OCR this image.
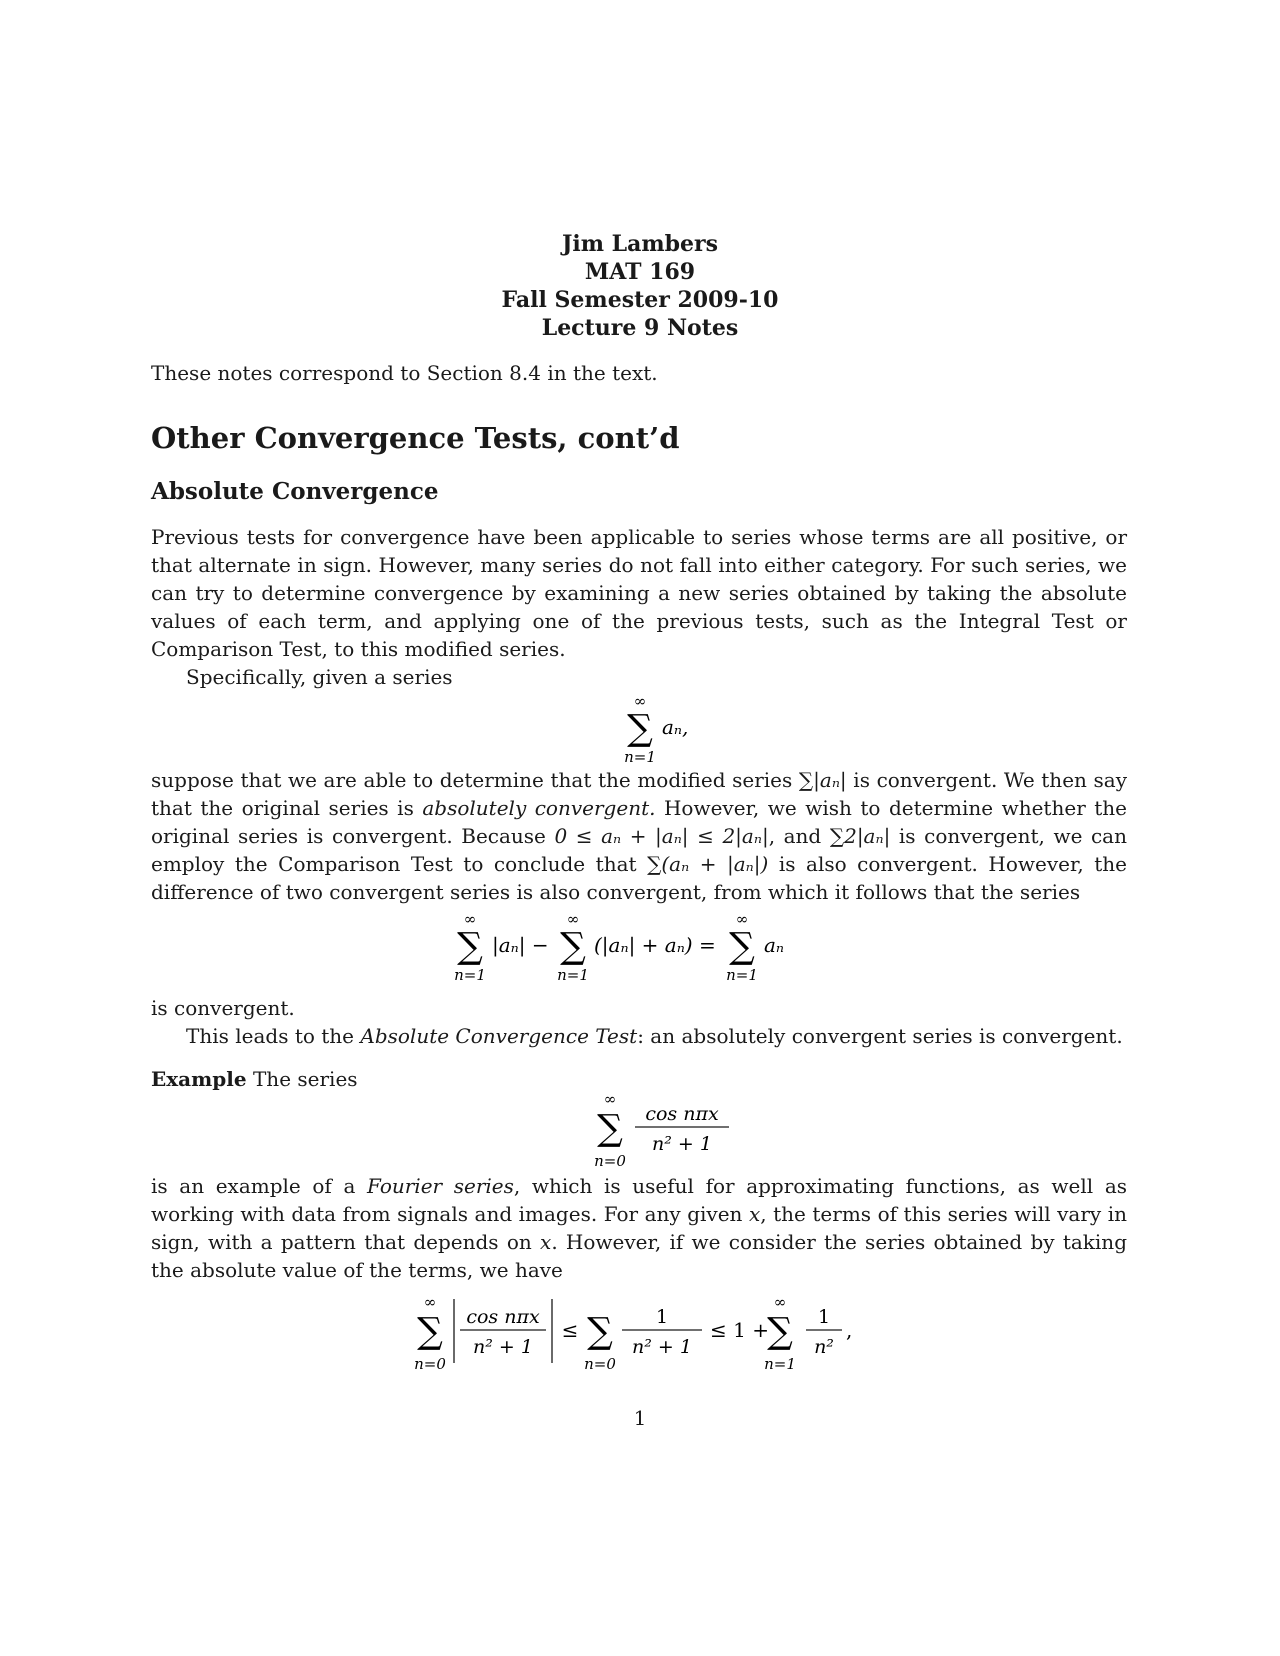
Jim Lambers
MAT 169
Fall Semester 2009-10
Lecture 9 Notes
These notes correspond to Section 8.4 in the text.
Other Convergence Tests, cont’d
Absolute Convergence
Previous tests for convergence have been applicable to series whose terms are all positive, or that alternate in sign. However, many series do not fall into either category. For such series, we can try to determine convergence by examining a new series obtained by taking the absolute values of each term, and applying one of the previous tests, such as the Integral Test or Comparison Test, to this modified series.
Specifically, given a series
∞
∑
n=1
aₙ,
suppose that we are able to determine that the modified series ∑|aₙ| is convergent. We then say that the original series is absolutely convergent. However, we wish to determine whether the original series is convergent. Because 0 ≤ aₙ + |aₙ| ≤ 2|aₙ|, and ∑2|aₙ| is convergent, we can employ the Comparison Test to conclude that ∑(aₙ + |aₙ|) is also convergent. However, the difference of two convergent series is also convergent, from which it follows that the series
∞
∑
n=1
|aₙ| −
∞
∑
n=1
(|aₙ| + aₙ) =
∞
∑
n=1
aₙ
is convergent.
This leads to the Absolute Convergence Test: an absolutely convergent series is convergent.
Example The series
∞
∑
n=0
cos nπx
n² + 1
is an example of a Fourier series, which is useful for approximating functions, as well as working with data from signals and images. For any given x, the terms of this series will vary in sign, with a pattern that depends on x. However, if we consider the series obtained by taking the absolute value of the terms, we have
∞
∑
n=0
cos nπx
n² + 1
≤ ∑
n=0
1
n² + 1
≤ 1 +
∞
∑
n=1
1
n²
,
1
